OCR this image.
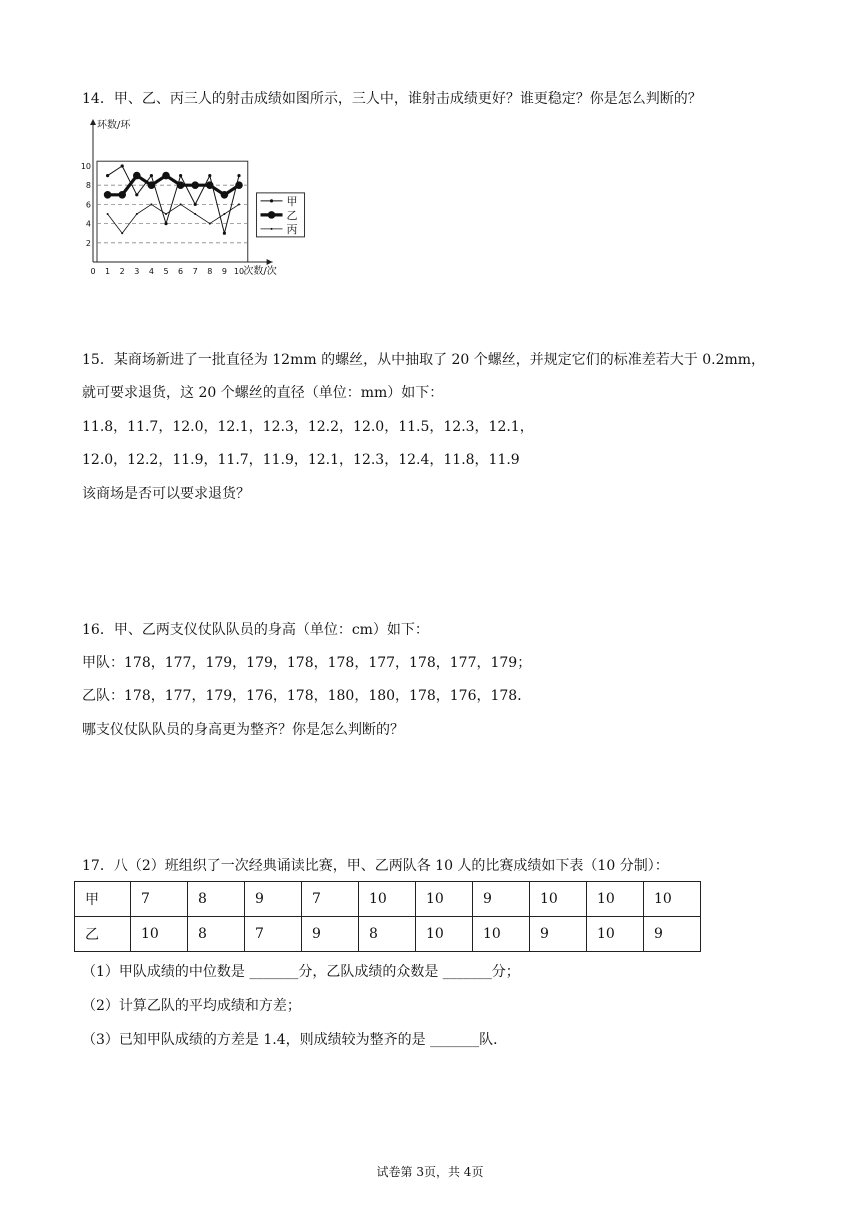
14．甲、乙、丙三人的射击成绩如图所示，三人中，谁射击成绩更好？谁更稳定？你是怎么判断的？
环数/环
次数/次
2
4
6
8
10
0 1 2 3 4 5 6 7 8 9 10
甲
乙
丙
15．某商场新进了一批直径为 12mm 的螺丝，从中抽取了 20 个螺丝，并规定它们的标准差若大于 0.2mm，
就可要求退货，这 20 个螺丝的直径（单位：mm）如下：
11.8，11.7，12.0，12.1，12.3，12.2，12.0，11.5，12.3，12.1，
12.0，12.2，11.9，11.7，11.9，12.1，12.3，12.4，11.8，11.9
该商场是否可以要求退货？
16．甲、乙两支仪仗队队员的身高（单位：cm）如下：
甲队：178，177，179，179，178，178，177，178，177，179；
乙队：178，177，179，176，178，180，180，178，176，178．
哪支仪仗队队员的身高更为整齐？你是怎么判断的？
17．八（2）班组织了一次经典诵读比赛，甲、乙两队各 10 人的比赛成绩如下表（10 分制）：
甲	7	8	9	7	10	10	9	10	10	10
乙	10	8	7	9	8	10	10	9	10	9
（1）甲队成绩的中位数是 _______分，乙队成绩的众数是 _______分；
（2）计算乙队的平均成绩和方差；
（3）已知甲队成绩的方差是 1.4，则成绩较为整齐的是 _______队．
试卷第 3页，共 4页
